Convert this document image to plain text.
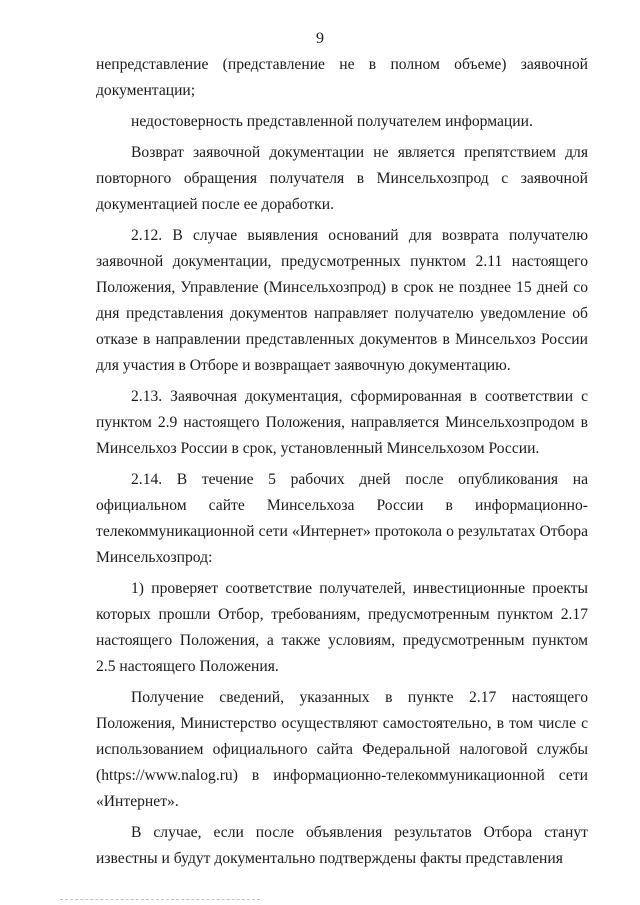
9

непредставление (представление не в полном объеме) заявочной документации;

недостоверность представленной получателем информации.

Возврат заявочной документации не является препятствием для повторного обращения получателя в Минсельхозпрод с заявочной документацией после ее доработки.

2.12. В случае выявления оснований для возврата получателю заявочной документации, предусмотренных пунктом 2.11 настоящего Положения, Управление (Минсельхозпрод) в срок не позднее 15 дней со дня представления документов направляет получателю уведомление об отказе в направлении представленных документов в Минсельхоз России для участия в Отборе и возвращает заявочную документацию.

2.13. Заявочная документация, сформированная в соответствии с пунктом 2.9 настоящего Положения, направляется Минсельхозпродом в Минсельхоз России в срок, установленный Минсельхозом России.

2.14. В течение 5 рабочих дней после опубликования на официальном сайте Минсельхоза России в информационно-телекоммуникационной сети «Интернет» протокола о результатах Отбора Минсельхозпрод:

1) проверяет соответствие получателей, инвестиционные проекты которых прошли Отбор, требованиям, предусмотренным пунктом 2.17 настоящего Положения, а также условиям, предусмотренным пунктом 2.5 настоящего Положения.

Получение сведений, указанных в пункте 2.17 настоящего Положения, Министерство осуществляют самостоятельно, в том числе с использованием официального сайта Федеральной налоговой службы (https://www.nalog.ru) в информационно-телекоммуникационной сети «Интернет».

В случае, если после объявления результатов Отбора станут известны и будут документально подтверждены факты представления
